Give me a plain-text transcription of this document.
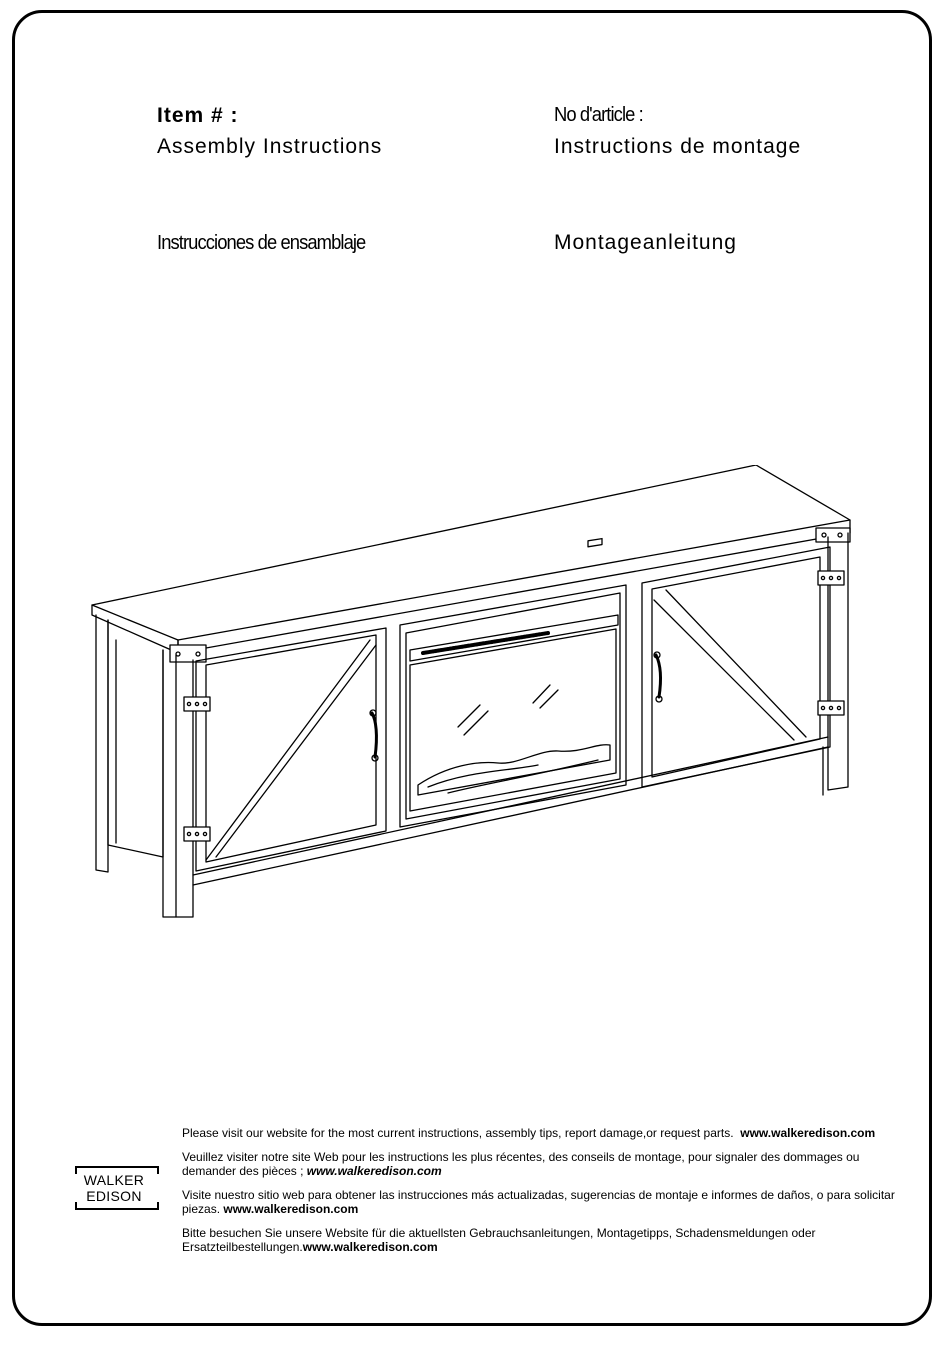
Item # :	No d'article :
Assembly Instructions	Instructions de montage
Instrucciones de ensamblaje	Montageanleitung
WALKER EDISON

Please visit our website for the most current instructions, assembly tips, report damage,or request parts. www.walkeredison.com

Veuillez visiter notre site Web pour les instructions les plus récentes, des conseils de montage, pour signaler des dommages ou demander des pièces ; www.walkeredison.com

Visite nuestro sitio web para obtener las instrucciones más actualizadas, sugerencias de montaje e informes de daños, o para solicitar piezas. www.walkeredison.com

Bitte besuchen Sie unsere Website für die aktuellsten Gebrauchsanleitungen, Montagetipps, Schadensmeldungen oder Ersatzteilbestellungen.www.walkeredison.com
